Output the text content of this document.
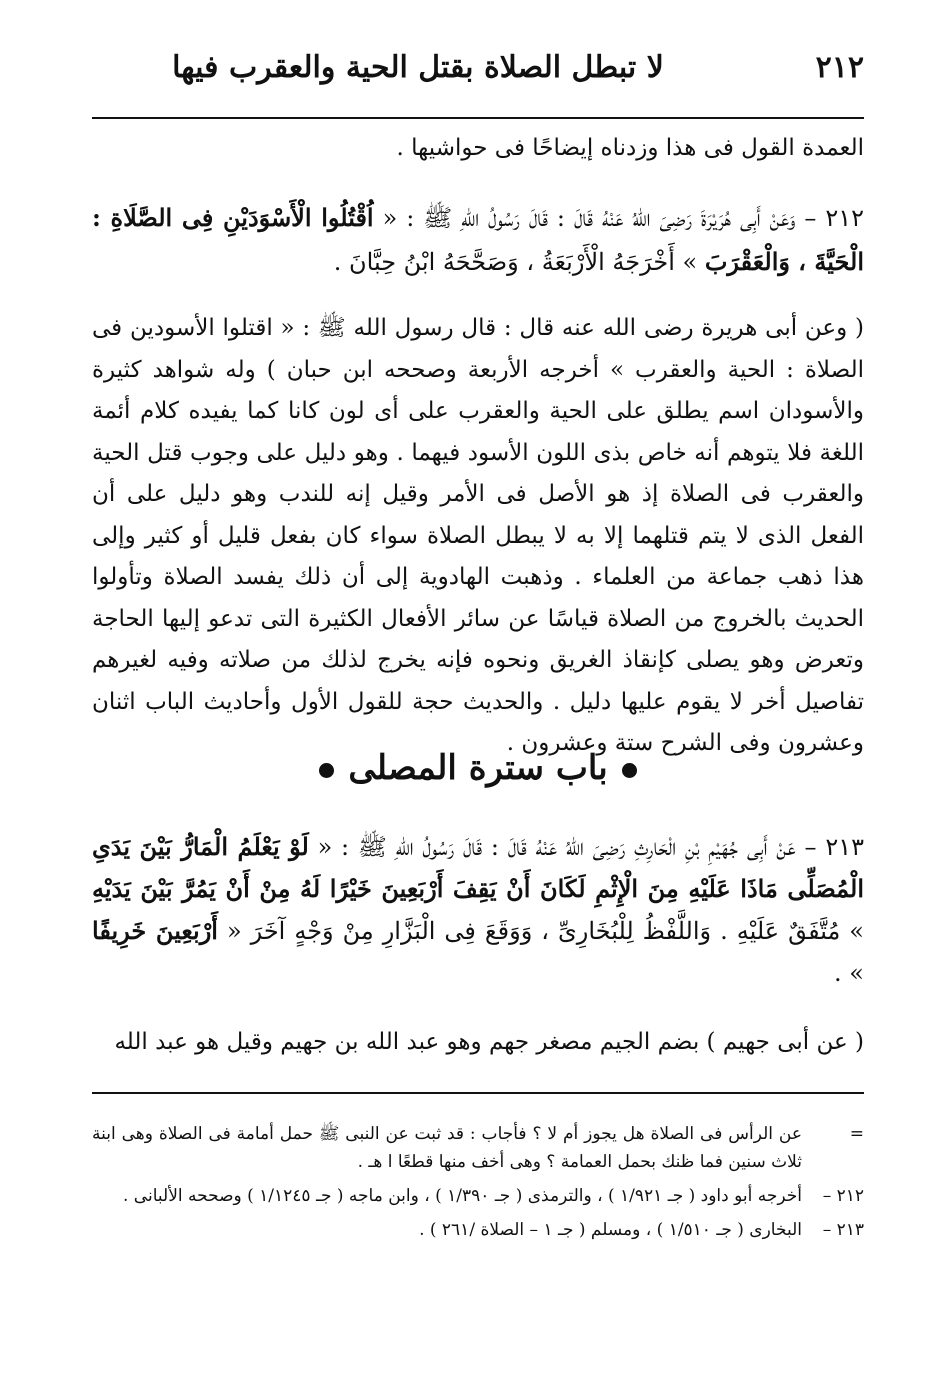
٢١٢
لا تبطل الصلاة بقتل الحية والعقرب فيها

العمدة القول فى هذا وزدناه إيضاحًا فى حواشيها .

٢١٢ – وَعَنْ أَبِى هُرَيْرَةَ رَضِىَ اللهُ عَنْهُ قَالَ : قَالَ رَسُولُ اللهِ ﷺ : « اُقْتُلُوا الْأَسْوَدَيْنِ فِى الصَّلَاةِ : الْحَيَّةَ ، وَالْعَقْرَبَ » أَخْرَجَهُ الْأَرْبَعَةُ ، وَصَحَّحَهُ ابْنُ حِبَّانَ .

( وعن أبى هريرة رضى الله عنه قال : قال رسول الله ﷺ : « اقتلوا الأسودين فى الصلاة : الحية والعقرب » أخرجه الأربعة وصححه ابن حبان ) وله شواهد كثيرة والأسودان اسم يطلق على الحية والعقرب على أى لون كانا كما يفيده كلام أئمة اللغة فلا يتوهم أنه خاص بذى اللون الأسود فيهما . وهو دليل على وجوب قتل الحية والعقرب فى الصلاة إذ هو الأصل فى الأمر وقيل إنه للندب وهو دليل على أن الفعل الذى لا يتم قتلهما إلا به لا يبطل الصلاة سواء كان بفعل قليل أو كثير وإلى هذا ذهب جماعة من العلماء . وذهبت الهادوية إلى أن ذلك يفسد الصلاة وتأولوا الحديث بالخروج من الصلاة قياسًا عن سائر الأفعال الكثيرة التى تدعو إليها الحاجة وتعرض وهو يصلى كإنقاذ الغريق ونحوه فإنه يخرج لذلك من صلاته وفيه لغيرهم تفاصيل أخر لا يقوم عليها دليل . والحديث حجة للقول الأول وأحاديث الباب اثنان وعشرون وفى الشرح ستة وعشرون .

باب سترة المصلى

٢١٣ – عَنْ أَبِى جُهَيْمِ بْنِ الْحَارِثِ رَضِىَ اللهُ عَنْهُ قَالَ : قَالَ رَسُولُ اللهِ ﷺ : « لَوْ يَعْلَمُ الْمَارُّ بَيْنَ يَدَىِ الْمُصَلِّى مَاذَا عَلَيْهِ مِنَ الْإِثْمِ لَكَانَ أَنْ يَقِفَ أَرْبَعِينَ خَيْرًا لَهُ مِنْ أَنْ يَمُرَّ بَيْنَ يَدَيْهِ » مُتَّفَقٌ عَلَيْهِ . وَاللَّفْظُ لِلْبُخَارِىِّ ، وَوَقَعَ فِى الْبَزَّارِ مِنْ وَجْهٍ آخَرَ « أَرْبَعِينَ خَرِيفًا » .

( عن أبى جهيم ) بضم الجيم مصغر جهم وهو عبد الله بن جهيم وقيل هو عبد الله

=
عن الرأس فى الصلاة هل يجوز أم لا ؟ فأجاب : قد ثبت عن النبى ﷺ حمل أمامة فى الصلاة وهى ابنة ثلاث سنين فما ظنك بحمل العمامة ؟ وهى أخف منها قطعًا ا هـ .
٢١٢ –
أخرجه أبو داود ( جـ ١/٩٢١ ) ، والترمذى ( جـ ١/٣٩٠ ) ، وابن ماجه ( جـ ١/١٢٤٥ ) وصححه الألبانى .
٢١٣ –
البخارى ( جـ ١/٥١٠ ) ، ومسلم ( جـ ١ – الصلاة /٢٦١ ) .
